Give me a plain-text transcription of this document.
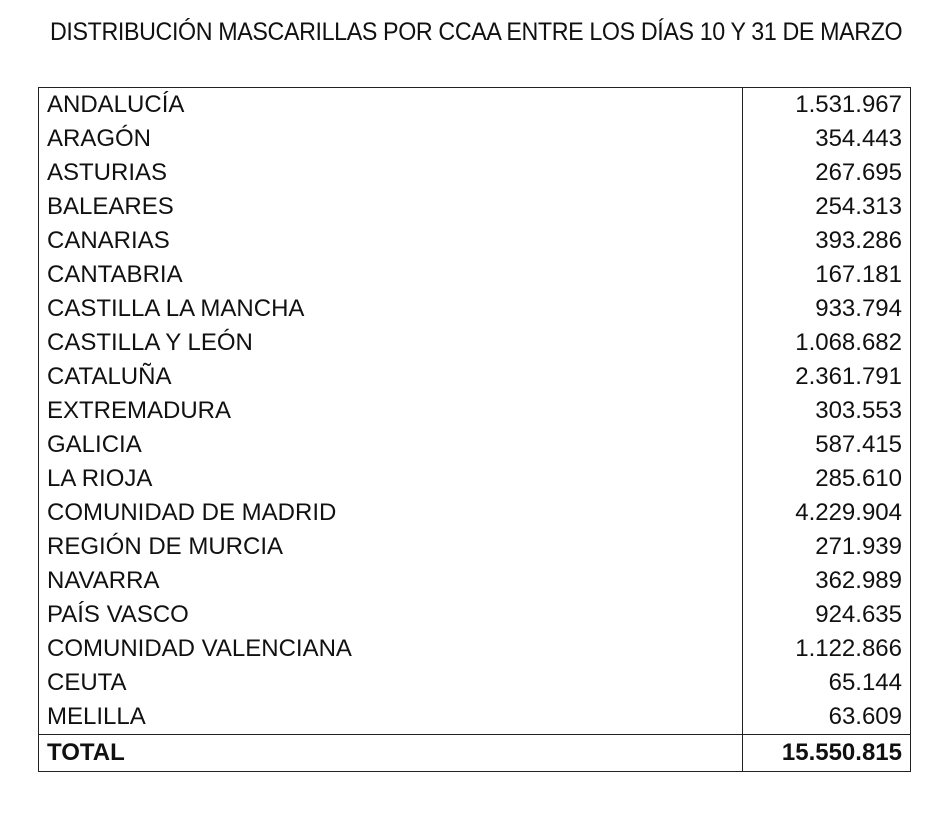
DISTRIBUCIÓN MASCARILLAS POR CCAA ENTRE LOS DÍAS 10 Y 31 DE MARZO
ANDALUCÍA	1.531.967
ARAGÓN	354.443
ASTURIAS	267.695
BALEARES	254.313
CANARIAS	393.286
CANTABRIA	167.181
CASTILLA LA MANCHA	933.794
CASTILLA Y LEÓN	1.068.682
CATALUÑA	2.361.791
EXTREMADURA	303.553
GALICIA	587.415
LA RIOJA	285.610
COMUNIDAD DE MADRID	4.229.904
REGIÓN DE MURCIA	271.939
NAVARRA	362.989
PAÍS VASCO	924.635
COMUNIDAD VALENCIANA	1.122.866
CEUTA	65.144
MELILLA	63.609
TOTAL	15.550.815
